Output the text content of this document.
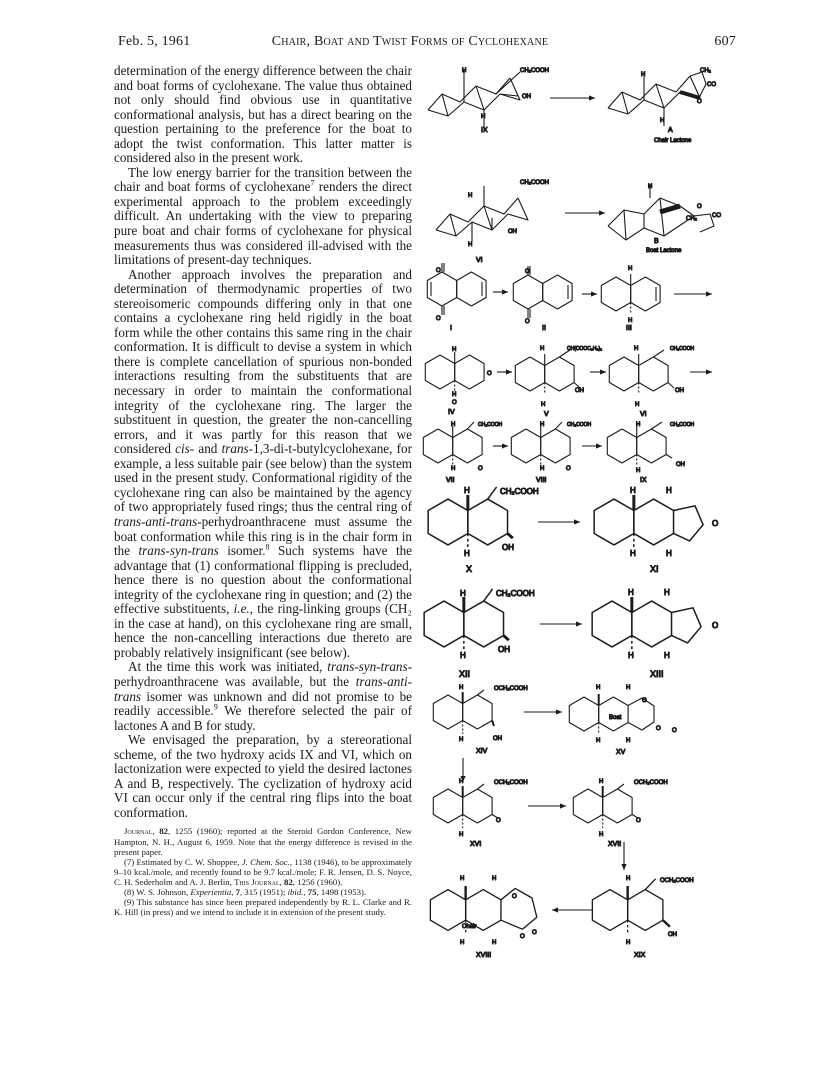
Feb. 5, 1961	Chair, Boat and Twist Forms of Cyclohexane	607

determination of the energy difference between the chair and boat forms of cyclohexane. The value thus obtained not only should find obvious use in quantitative conformational analysis, but has a direct bearing on the question pertaining to the preference for the boat to adopt the twist conformation. This latter matter is considered also in the present work.

The low energy barrier for the transition between the chair and boat forms of cyclohexane$^7$ renders the direct experimental approach to the problem exceedingly difficult. An undertaking with the view to preparing pure boat and chair forms of cyclohexane for physical measurements thus was considered ill-advised with the limitations of present-day techniques.

Another approach involves the preparation and determination of thermodynamic properties of two stereoisomeric compounds differing only in that one contains a cyclohexane ring held rigidly in the boat form while the other contains this same ring in the chair conformation. It is difficult to devise a system in which there is complete cancellation of spurious non-bonded interactions resulting from the substituents that are necessary in order to maintain the conformational integrity of the cyclohexane ring. The larger the substituent in question, the greater the non-cancelling errors, and it was partly for this reason that we considered cis- and trans-1,3-di-t-butylcyclohexane, for example, a less suitable pair (see below) than the system used in the present study. Conformational rigidity of the cyclohexane ring can also be maintained by the agency of two appropriately fused rings; thus the central ring of trans-anti-trans-perhydroanthracene must assume the boat conformation while this ring is in the chair form in the trans-syn-trans isomer.$^8$ Such systems have the advantage that (1) conformational flipping is precluded, hence there is no question about the conformational integrity of the cyclohexane ring in question; and (2) the effective substituents, i.e., the ring-linking groups (CH₂ in the case at hand), on this cyclohexane ring are small, hence the non-cancelling interactions due thereto are probably relatively insignificant (see below).

At the time this work was initiated, trans-syn-trans-perhydroanthracene was available, but the trans-anti-trans isomer was unknown and did not promise to be readily accessible.$^9$ We therefore selected the pair of lactones A and B for study.

We envisaged the preparation, by a stereorational scheme, of the two hydroxy acids IX and VI, which on lactonization were expected to yield the desired lactones A and B, respectively. The cyclization of hydroxy acid VI can occur only if the central ring flips into the boat conformation.

Journal, 82, 1255 (1960); reported at the Steroid Gordon Conference, New Hampton, N. H., August 6, 1959. Note that the energy difference is revised in the present paper.

(7) Estimated by C. W. Shoppee, J. Chem. Soc., 1138 (1946), to be approximately 9–10 kcal./mole, and recently found to be 9.7 kcal./mole; F. R. Jensen, D. S. Noyce, C. H. Sederholm and A. J. Berlin, This Journal, 82, 1256 (1960).

(8) W. S. Johnson, Experientia, 7, 315 (1951); ibid., 75, 1498 (1953).

(9) This substance has since been prepared independently by R. L. Clarke and R. K. Hill (in press) and we intend to include it in extension of the present study.

H	CH₂COOH
OH
H
IX
CH₂
CO
O
H
H
A
Chair Lactone
CH₂COOH
H
OH
H
VI
H
O
CH₂	CO
B
Boat Lactone
O
O
I
O
O
II
H
H
III
H
O
H
O
IV
H	CH(COOC₂H₅)₂
OH
H
V
H	CH₂COOH
OH
H
VI
H	CH₂COOH
O
H
VII
H	CH₂COOH
O
H
VIII
H	CH₂COOH
OH
H
IX
H	CH₂COOH
OH
H
X
H	H
O
H	H
XI
H	CH₂COOH
OH
H
XII
H	H
O
H	H
XIII
H	OCH₂COOH
OH
H
XIV
Boat
H	H
O
O O
H	H
XV
H	OCH₂COOH
O
H
XVI
H	OCH₂COOH
O
H
XVII
Chair
H	H
O
O
O
H	H
XVIII
H	OCH₂COOH
OH
H
XIX
